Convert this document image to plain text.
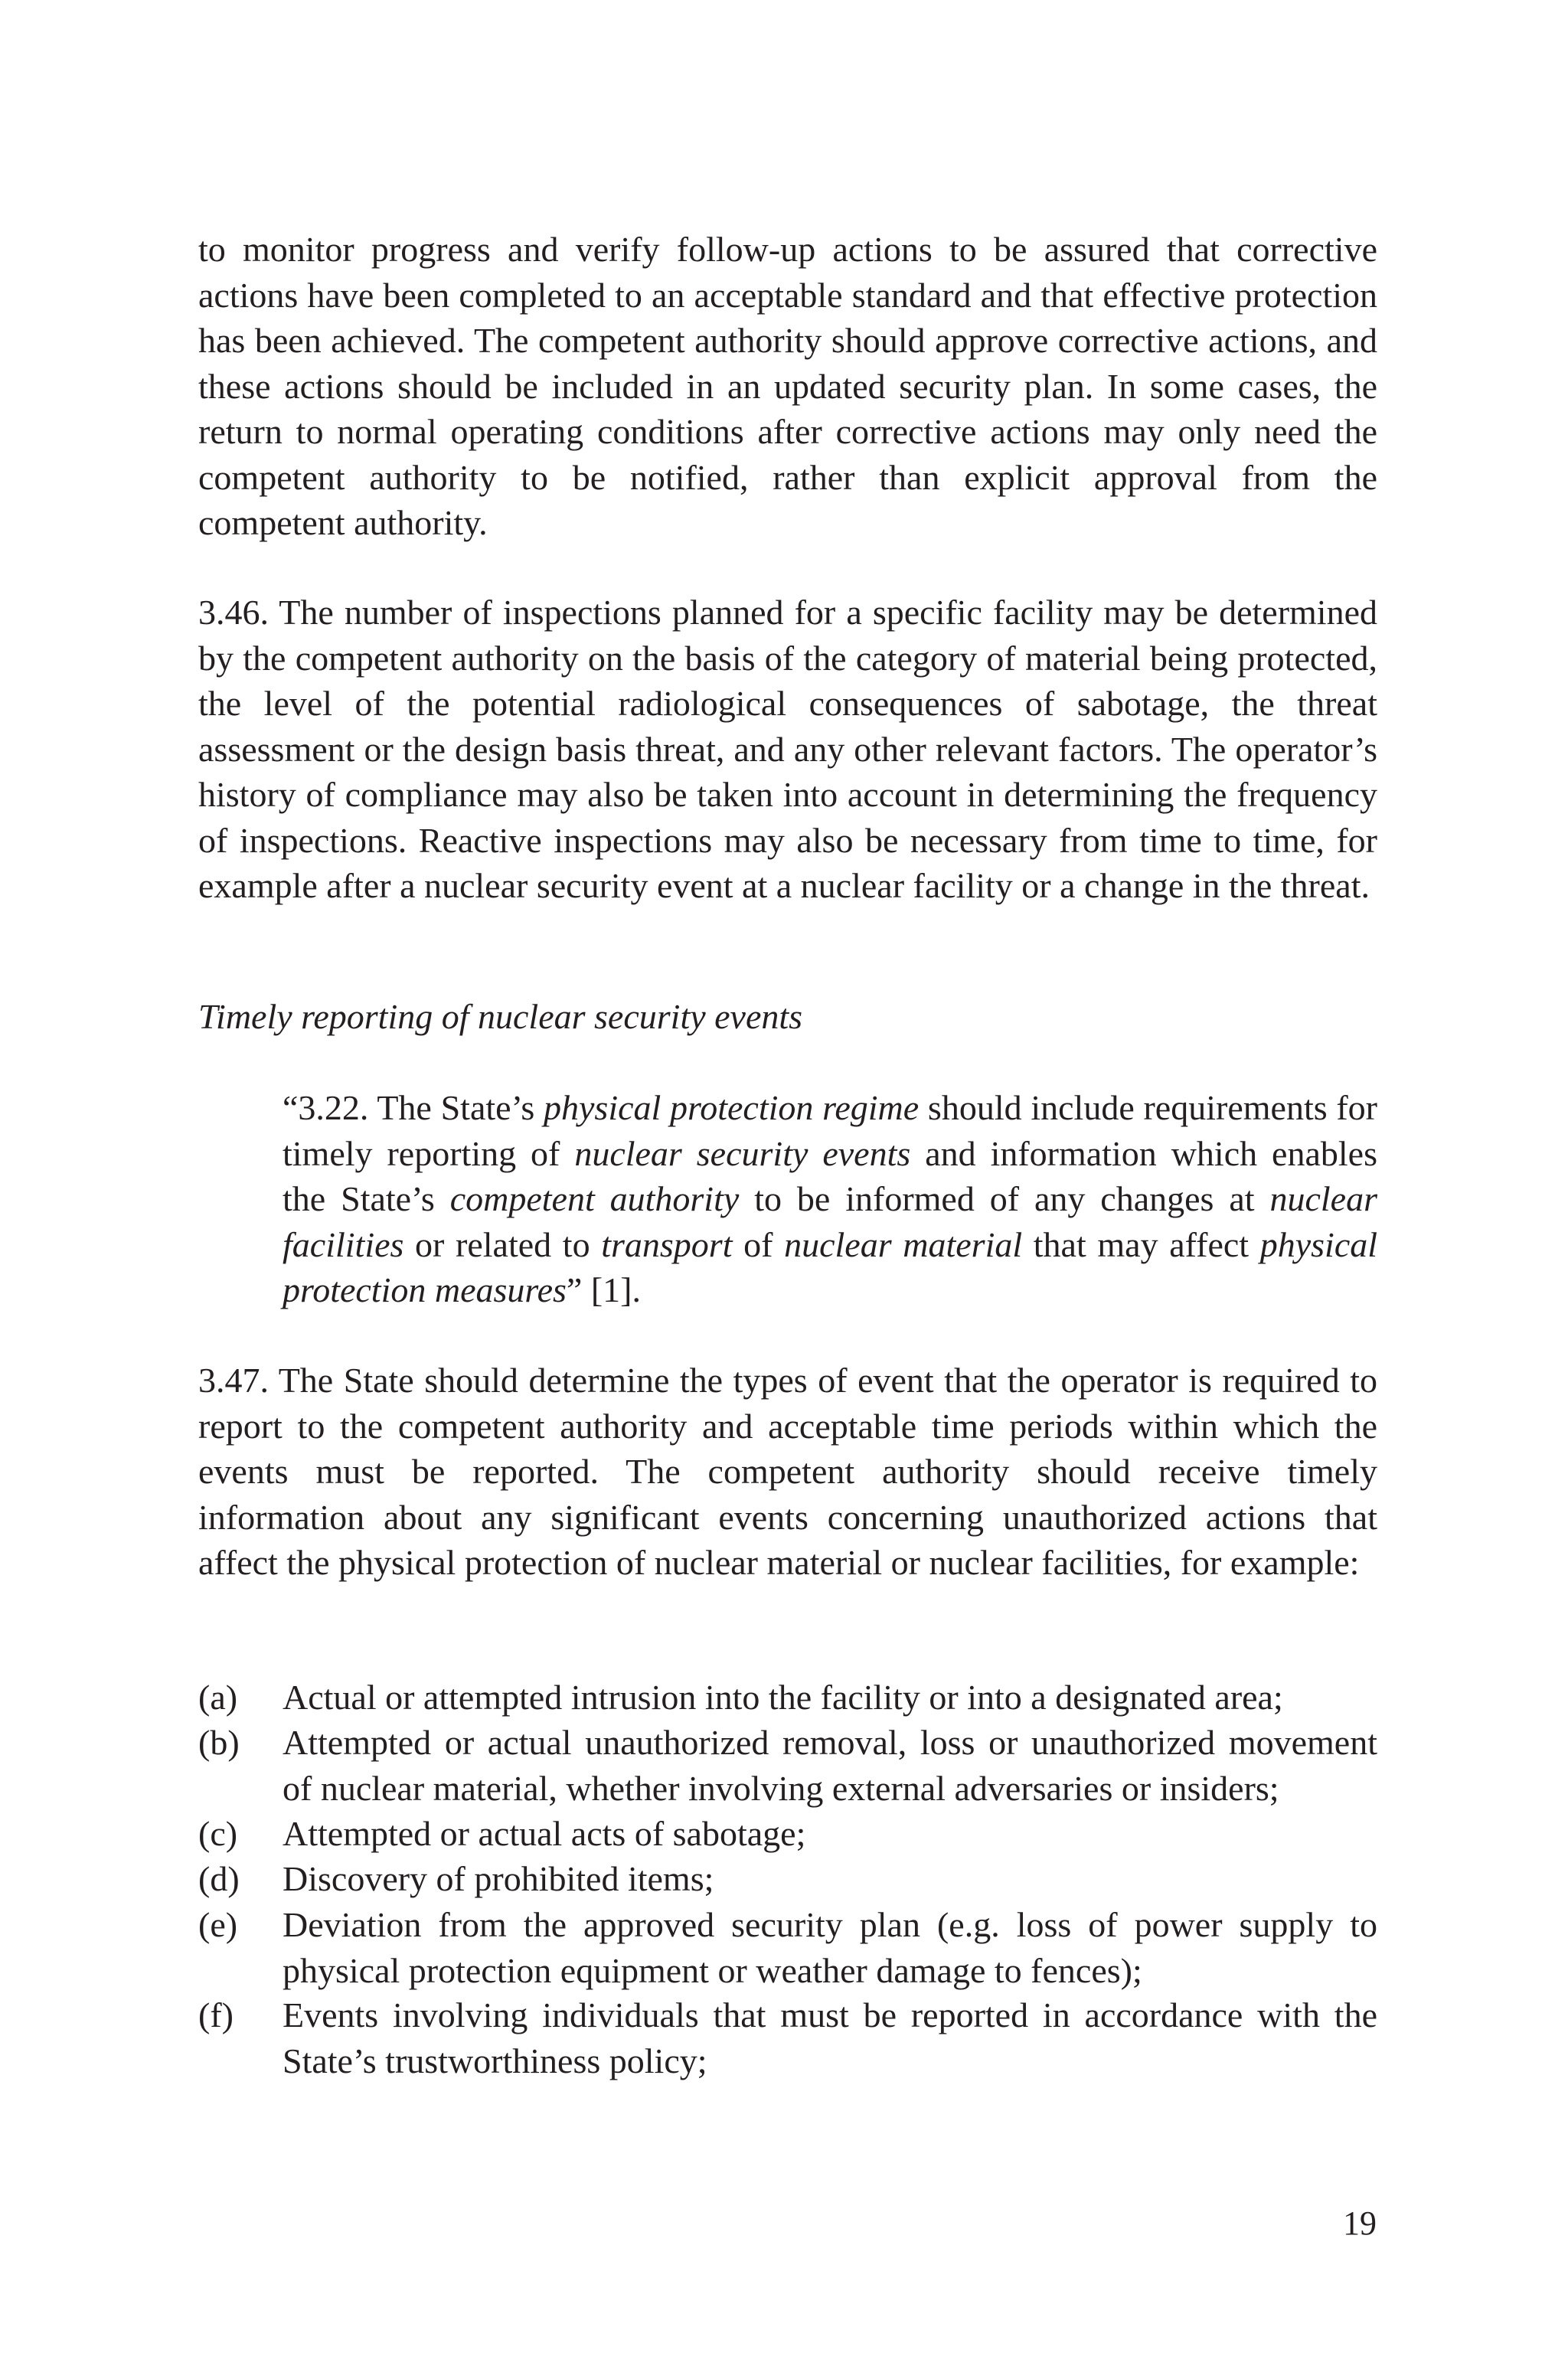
to monitor progress and verify follow-up actions to be assured that corrective actions have been completed to an acceptable standard and that effective protection has been achieved. The competent authority should approve corrective actions, and these actions should be included in an updated security plan. In some cases, the return to normal operating conditions after corrective actions may only need the competent authority to be notified, rather than explicit approval from the competent authority.

3.46. The number of inspections planned for a specific facility may be determined by the competent authority on the basis of the category of material being protected, the level of the potential radiological consequences of sabotage, the threat assessment or the design basis threat, and any other relevant factors. The operator’s history of compliance may also be taken into account in determining the frequency of inspections. Reactive inspections may also be necessary from time to time, for example after a nuclear security event at a nuclear facility or a change in the threat.

Timely reporting of nuclear security events

“3.22. The State’s physical protection regime should include requirements for timely reporting of nuclear security events and information which enables the State’s competent authority to be informed of any changes at nuclear facilities or related to transport of nuclear material that may affect physical protection measures” [1].

3.47. The State should determine the types of event that the operator is required to report to the competent authority and acceptable time periods within which the events must be reported. The competent authority should receive timely information about any significant events concerning unauthorized actions that affect the physical protection of nuclear material or nuclear facilities, for example:

(a)	Actual or attempted intrusion into the facility or into a designated area;
(b)	Attempted or actual unauthorized removal, loss or unauthorized movement of nuclear material, whether involving external adversaries or insiders;
(c)	Attempted or actual acts of sabotage;
(d)	Discovery of prohibited items;
(e)	Deviation from the approved security plan (e.g. loss of power supply to physical protection equipment or weather damage to fences);
(f)	Events involving individuals that must be reported in accordance with the State’s trustworthiness policy;
19
